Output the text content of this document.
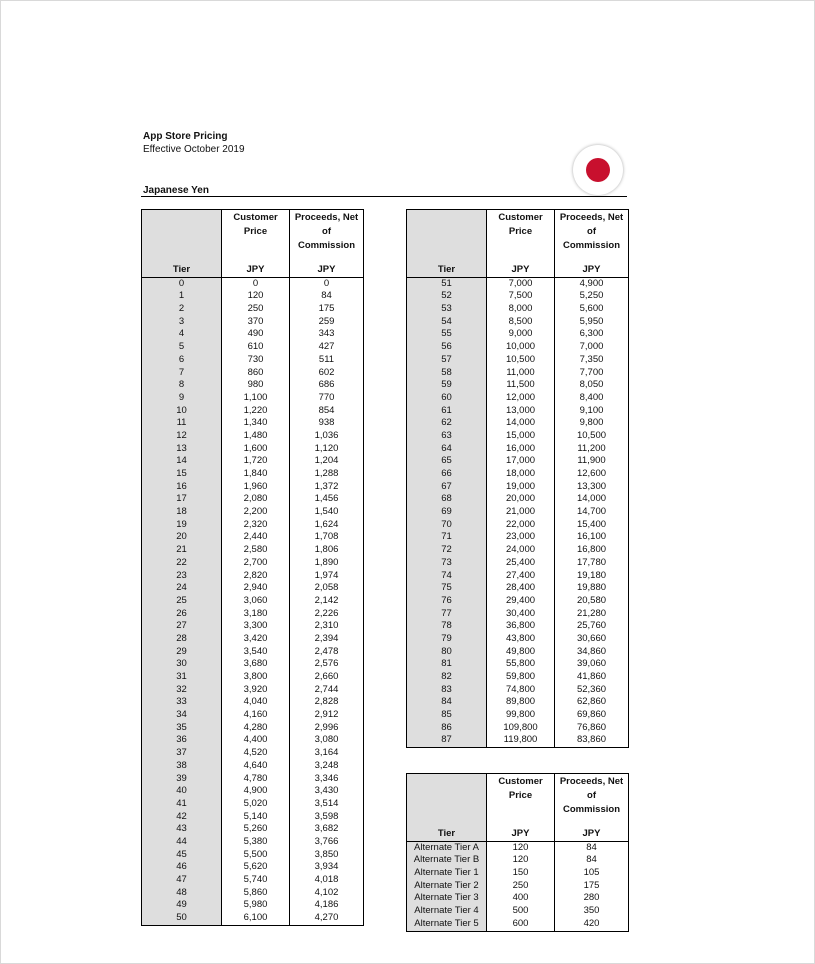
App Store Pricing
Effective October 2019
Japanese Yen
	Customer
Price	Proceeds, Net
of
Commission
Tier	JPY	JPY
0	0	0
1	120	84
2	250	175
3	370	259
4	490	343
5	610	427
6	730	511
7	860	602
8	980	686
9	1,100	770
10	1,220	854
11	1,340	938
12	1,480	1,036
13	1,600	1,120
14	1,720	1,204
15	1,840	1,288
16	1,960	1,372
17	2,080	1,456
18	2,200	1,540
19	2,320	1,624
20	2,440	1,708
21	2,580	1,806
22	2,700	1,890
23	2,820	1,974
24	2,940	2,058
25	3,060	2,142
26	3,180	2,226
27	3,300	2,310
28	3,420	2,394
29	3,540	2,478
30	3,680	2,576
31	3,800	2,660
32	3,920	2,744
33	4,040	2,828
34	4,160	2,912
35	4,280	2,996
36	4,400	3,080
37	4,520	3,164
38	4,640	3,248
39	4,780	3,346
40	4,900	3,430
41	5,020	3,514
42	5,140	3,598
43	5,260	3,682
44	5,380	3,766
45	5,500	3,850
46	5,620	3,934
47	5,740	4,018
48	5,860	4,102
49	5,980	4,186
50	6,100	4,270
	Customer
Price	Proceeds, Net
of
Commission
Tier	JPY	JPY
51	7,000	4,900
52	7,500	5,250
53	8,000	5,600
54	8,500	5,950
55	9,000	6,300
56	10,000	7,000
57	10,500	7,350
58	11,000	7,700
59	11,500	8,050
60	12,000	8,400
61	13,000	9,100
62	14,000	9,800
63	15,000	10,500
64	16,000	11,200
65	17,000	11,900
66	18,000	12,600
67	19,000	13,300
68	20,000	14,000
69	21,000	14,700
70	22,000	15,400
71	23,000	16,100
72	24,000	16,800
73	25,400	17,780
74	27,400	19,180
75	28,400	19,880
76	29,400	20,580
77	30,400	21,280
78	36,800	25,760
79	43,800	30,660
80	49,800	34,860
81	55,800	39,060
82	59,800	41,860
83	74,800	52,360
84	89,800	62,860
85	99,800	69,860
86	109,800	76,860
87	119,800	83,860
	Customer
Price	Proceeds, Net
of
Commission
Tier	JPY	JPY
Alternate Tier A	120	84
Alternate Tier B	120	84
Alternate Tier 1	150	105
Alternate Tier 2	250	175
Alternate Tier 3	400	280
Alternate Tier 4	500	350
Alternate Tier 5	600	420
